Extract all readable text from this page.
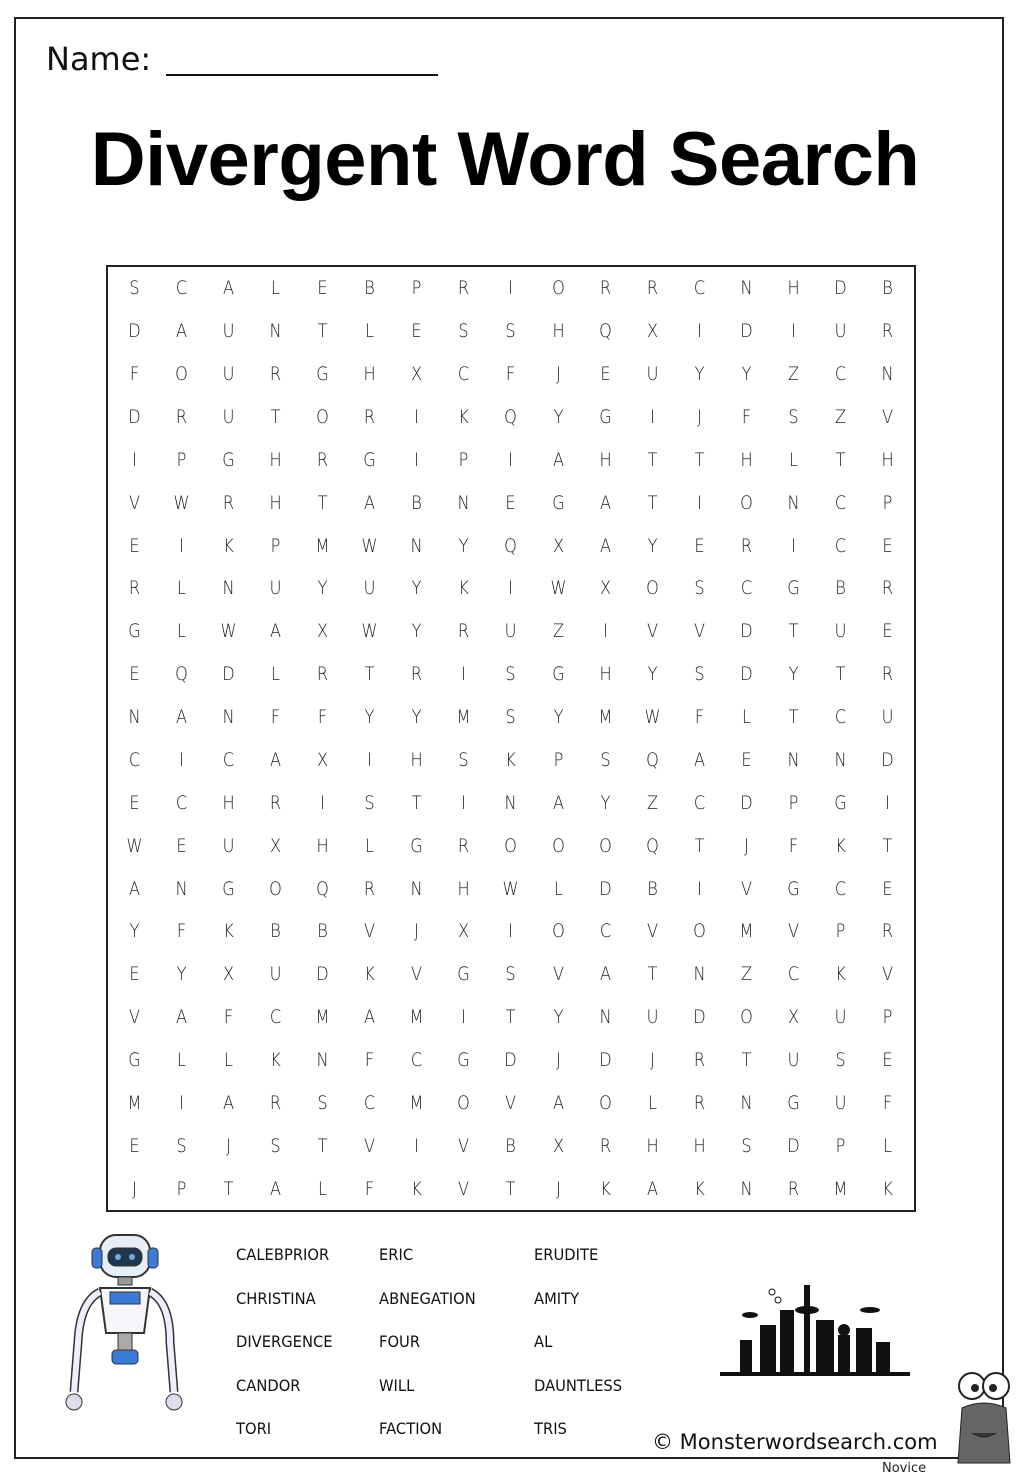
Name:
Divergent Word Search
S	C	A	L	E	B	P	R	I	O	R	R	C	N	H	D	B
D	A	U	N	T	L	E	S	S	H	Q	X	I	D	I	U	R
F	O	U	R	G	H	X	C	F	J	E	U	Y	Y	Z	C	N
D	R	U	T	O	R	I	K	Q	Y	G	I	J	F	S	Z	V
I	P	G	H	R	G	I	P	I	A	H	T	T	H	L	T	H
V	W	R	H	T	A	B	N	E	G	A	T	I	O	N	C	P
E	I	K	P	M	W	N	Y	Q	X	A	Y	E	R	I	C	E
R	L	N	U	Y	U	Y	K	I	W	X	O	S	C	G	B	R
G	L	W	A	X	W	Y	R	U	Z	I	V	V	D	T	U	E
E	Q	D	L	R	T	R	I	S	G	H	Y	S	D	Y	T	R
N	A	N	F	F	Y	Y	M	S	Y	M	W	F	L	T	C	U
C	I	C	A	X	I	H	S	K	P	S	Q	A	E	N	N	D
E	C	H	R	I	S	T	I	N	A	Y	Z	C	D	P	G	I
W	E	U	X	H	L	G	R	O	O	O	Q	T	J	F	K	T
A	N	G	O	Q	R	N	H	W	L	D	B	I	V	G	C	E
Y	F	K	B	B	V	J	X	I	O	C	V	O	M	V	P	R
E	Y	X	U	D	K	V	G	S	V	A	T	N	Z	C	K	V
V	A	F	C	M	A	M	I	T	Y	N	U	D	O	X	U	P
G	L	L	K	N	F	C	G	D	J	D	J	R	T	U	S	E
M	I	A	R	S	C	M	O	V	A	O	L	R	N	G	U	F
E	S	J	S	T	V	I	V	B	X	R	H	H	S	D	P	L
J	P	T	A	L	F	K	V	T	J	K	A	K	N	R	M	K
CALEBPRIOR
CHRISTINA
DIVERGENCE
CANDOR
TORI
ERIC
ABNEGATION
FOUR
WILL
FACTION
ERUDITE
AMITY
AL
DAUNTLESS
TRIS
© Monsterwordsearch.com
Novice
